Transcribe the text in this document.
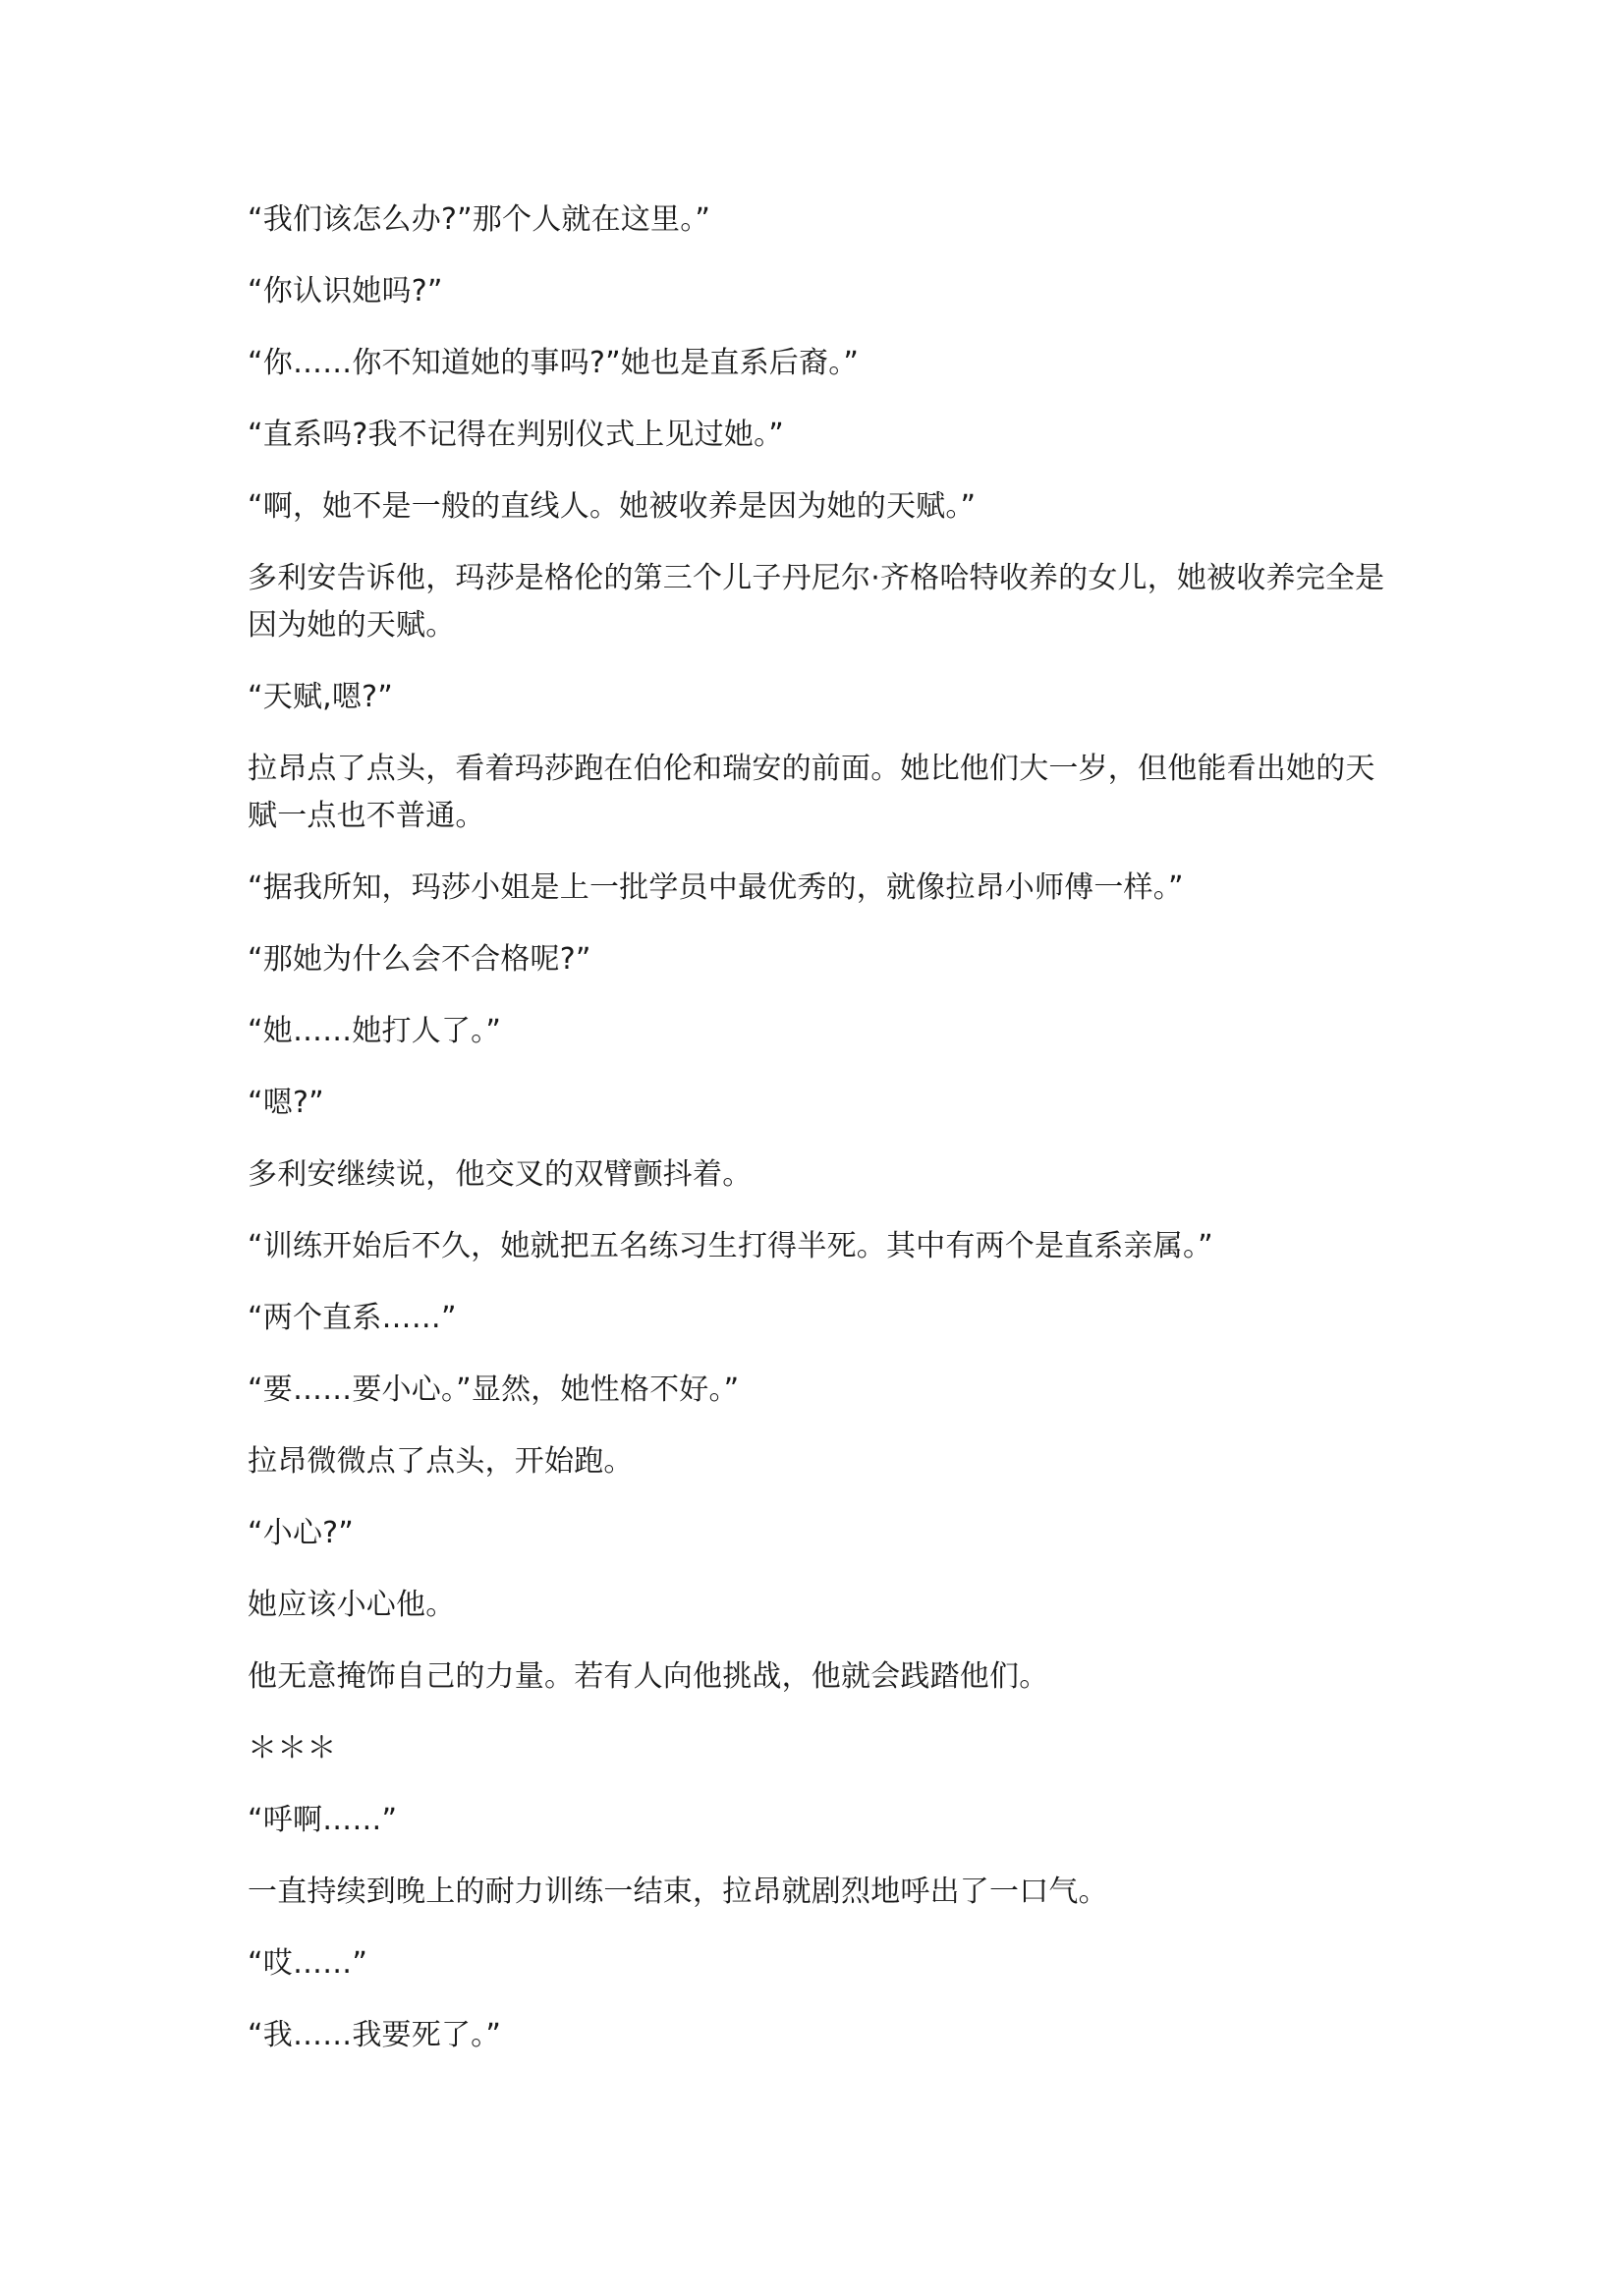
“我们该怎么办?”那个人就在这里。”

“你认识她吗?”

“你……你不知道她的事吗?”她也是直系后裔。”

“直系吗?我不记得在判别仪式上见过她。”

“啊，她不是一般的直线人。她被收养是因为她的天赋。”

多利安告诉他，玛莎是格伦的第三个儿子丹尼尔·齐格哈特收养的女儿，她被收养完全是因为她的天赋。

“天赋,嗯?”

拉昂点了点头，看着玛莎跑在伯伦和瑞安的前面。她比他们大一岁，但他能看出她的天赋一点也不普通。

“据我所知，玛莎小姐是上一批学员中最优秀的，就像拉昂小师傅一样。”

“那她为什么会不合格呢?”

“她……她打人了。”

“嗯?”

多利安继续说，他交叉的双臂颤抖着。

“训练开始后不久，她就把五名练习生打得半死。其中有两个是直系亲属。”

“两个直系……”

“要……要小心。”显然，她性格不好。”

拉昂微微点了点头，开始跑。

“小心?”

她应该小心他。

他无意掩饰自己的力量。若有人向他挑战，他就会践踏他们。

＊＊＊

“呼啊……”

一直持续到晚上的耐力训练一结束，拉昂就剧烈地呼出了一口气。

“哎……”

“我……我要死了。”
